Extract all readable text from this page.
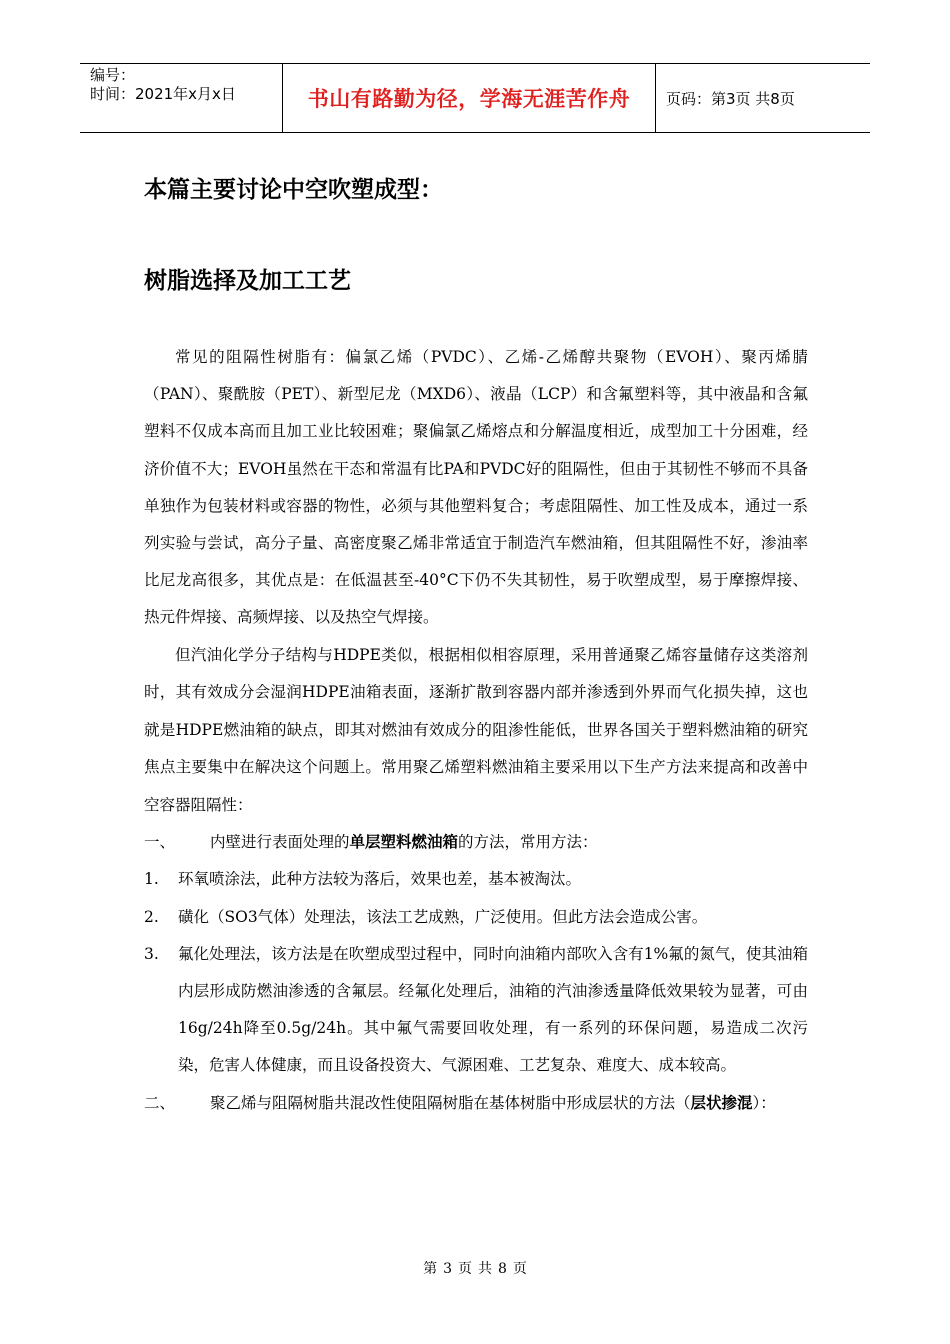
编号：
时间：2021年x月x日	书山有路勤为径，学海无涯苦作舟 页码：第3页 共8页
本篇主要讨论中空吹塑成型：
树脂选择及加工工艺

常见的阻隔性树脂有：偏氯乙烯（PVDC）、乙烯-乙烯醇共聚物（EVOH）、聚丙烯腈（PAN）、聚酰胺（PET）、新型尼龙（MXD6）、液晶（LCP）和含氟塑料等，其中液晶和含氟塑料不仅成本高而且加工业比较困难；聚偏氯乙烯熔点和分解温度相近，成型加工十分困难，经济价值不大；EVOH虽然在干态和常温有比PA和PVDC好的阻隔性，但由于其韧性不够而不具备单独作为包装材料或容器的物性，必须与其他塑料复合；考虑阻隔性、加工性及成本，通过一系列实验与尝试，高分子量、高密度聚乙烯非常适宜于制造汽车燃油箱，但其阻隔性不好，渗油率比尼龙高很多，其优点是：在低温甚至-40°C下仍不失其韧性，易于吹塑成型，易于摩擦焊接、热元件焊接、高频焊接、以及热空气焊接。

但汽油化学分子结构与HDPE类似，根据相似相容原理，采用普通聚乙烯容量储存这类溶剂时，其有效成分会湿润HDPE油箱表面，逐渐扩散到容器内部并渗透到外界而气化损失掉，这也就是HDPE燃油箱的缺点，即其对燃油有效成分的阻渗性能低，世界各国关于塑料燃油箱的研究焦点主要集中在解决这个问题上。常用聚乙烯塑料燃油箱主要采用以下生产方法来提高和改善中空容器阻隔性：

一、	内壁进行表面处理的单层塑料燃油箱的方法，常用方法：
1.	环氧喷涂法，此种方法较为落后，效果也差，基本被淘汰。
2.	磺化（SO3气体）处理法，该法工艺成熟，广泛使用。但此方法会造成公害。
3.	氟化处理法，该方法是在吹塑成型过程中，同时向油箱内部吹入含有1%氟的氮气，使其油箱内层形成防燃油渗透的含氟层。经氟化处理后，油箱的汽油渗透量降低效果较为显著，可由16g/24h降至0.5g/24h。其中氟气需要回收处理，有一系列的环保问题，易造成二次污染，危害人体健康，而且设备投资大、气源困难、工艺复杂、难度大、成本较高。
二、	聚乙烯与阻隔树脂共混改性使阻隔树脂在基体树脂中形成层状的方法（层状掺混）：
第 3 页 共 8 页
